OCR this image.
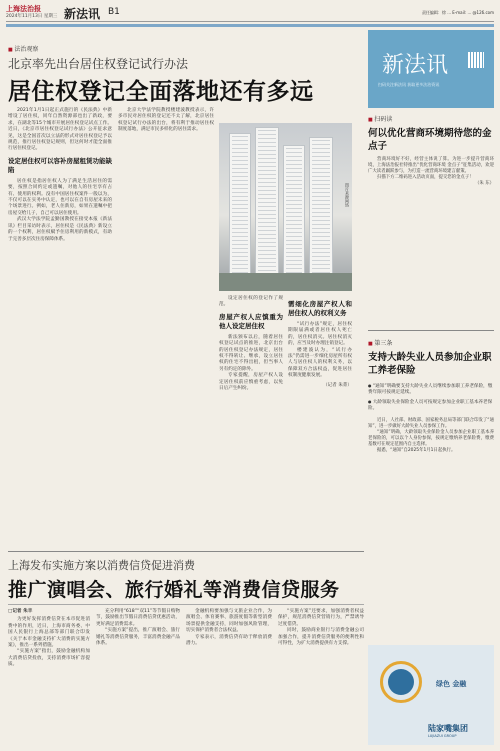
上海法治报
2024年11月13日 星期三 新法讯 B1	责任编辑：徐 ... E-mail: ... @126.com
■ 法治观察
北京率先出台居住权登记试行办法
居住权登记全面落地还有多远

2021年1月1日起正式施行的《民法典》中新增设了居住权，同年自然资源部也出了新政，要求，在湖北等15个城市开展居住权登记试点工作。近日，《北京市居住权登记试行办法》公开征求意见，这是全国首次以立法的形式对居住权登记予以规范，推行居住权登记规则，但这何时才能全面推行居住权登记。

设定居住权可以容补房屋租赁功能缺陷

居住权是指居住权人为了满足生活居住的需要，按照合同约定或遗嘱，对他人的住宅享有占有、使用的权利。没有中国居住权案件一般以为，不仅可以在实务中认定，也可以在自有房屋未来的个场景进行。例如，老人住新房，如果在遗嘱中把房屋交给儿子，自己可以居住使用。

武汉大学法学院孟勤国教授在接受本报《新法讯》栏目采访时表示，居住权是《民法典》新设立的一个权利，居住权赋予住房利用的新模式，有助于完善多层次住房保障体系。

北京大学法学院教授楼建波教授表示，许多市民对居住权的登记还不太了解，北京居住权登记试行办法的出台，将有利于推动居住权制度落地，满足市民多样化的居住需求。

图片来源网络

设定居住权的登记作了规范。

房屋产权人应慎重为他人设定居住权

新法颁布以后，随着居住权登记试点的推进，北京出台的居住权登记办法规定，居住权不得转让、继承，设立居住权的住宅不得出租，但当事人另有约定的除外。

专家提醒，房屋产权人设定居住权前应慎重考虑，以免日后产生纠纷。

需细化房屋产权人和居住权人的权利义务

“试行办法”规定，居住权期限届满或者居住权人死亡的，居住权消灭。居住权消灭的，应当及时办理注销登记。

楼建波认为，“试行办法”仍需进一步细化房屋所有权人与居住权人的权利义务，以保障双方合法权益，促进居住权制度健康发展。

（记者 朱菁）
新法讯
扫码关注新法讯 获取更多法治资讯
■ 扫码读
何以优化营商环境期待您的金点子

营商环境好不好，经营主体说了算。为进一步提升营商环境，上海法治报社特推出“优化营商环境 金点子”征集活动，欢迎广大读者踊跃参与，为打造一流营商环境建言献策。

扫描下方二维码进入活动页面，提交您的金点子！

（朱 东）
■ 第三条
支持大龄失业人员参加企业职工养老保险
● “通知”明确要支持大龄失业人员继续参加职工养老保险，缴费年限可按规定延续。
● 大龄领取失业保险金人员可按规定参加企业职工基本养老保险。

近日，人社部、财政部、国家税务总局等部门联合印发了“通知”，进一步做好大龄失业人员参保工作。

“通知”明确，大龄领取失业保险金人员参加企业职工基本养老保险的，可以以个人身份参保，按规定缴纳养老保险费，缴费基数可在规定范围内自主选择。

据悉，“通知”自2025年1月1日起执行。

绿色 金融
陆家嘴集团
LUJIAZUI GROUP
上海发布实施方案以消费信贷促进消费
推广演唱会、旅行婚礼等消费信贷服务
□记者 朱丰

为更好发挥消费信贷在本市促进消费中的作用，近日，上海市商务委、中国人民银行上海总部等部门联合印发《关于本市金融支持扩大消费的实施方案》，推出一系列措施。

“实施方案”指出，鼓励金融机构加大消费信贷投放，支持消费市场扩容提质。

充分利用“618”“双11”等节假日购物节，鼓励推出节假日消费信贷优惠活动，更好满足消费需求。

“实施方案”提出，推广演唱会、旅行婚礼等消费信贷服务，丰富消费金融产品体系。

金融机构要加强与文旅企业合作，为演唱会、体育赛事、旅游度假等新型消费场景提供金融支持，同时加强风险管理，切实保护消费者合法权益。

专家表示，消费信贷有助于释放消费潜力。

“实施方案”还要求，加强消费者权益保护，规范消费信贷营销行为，严禁诱导过度借贷。

同时，鼓励商业银行与消费金融公司加强合作，提升消费信贷服务的便利性和可得性，为扩大消费提供有力支撑。
